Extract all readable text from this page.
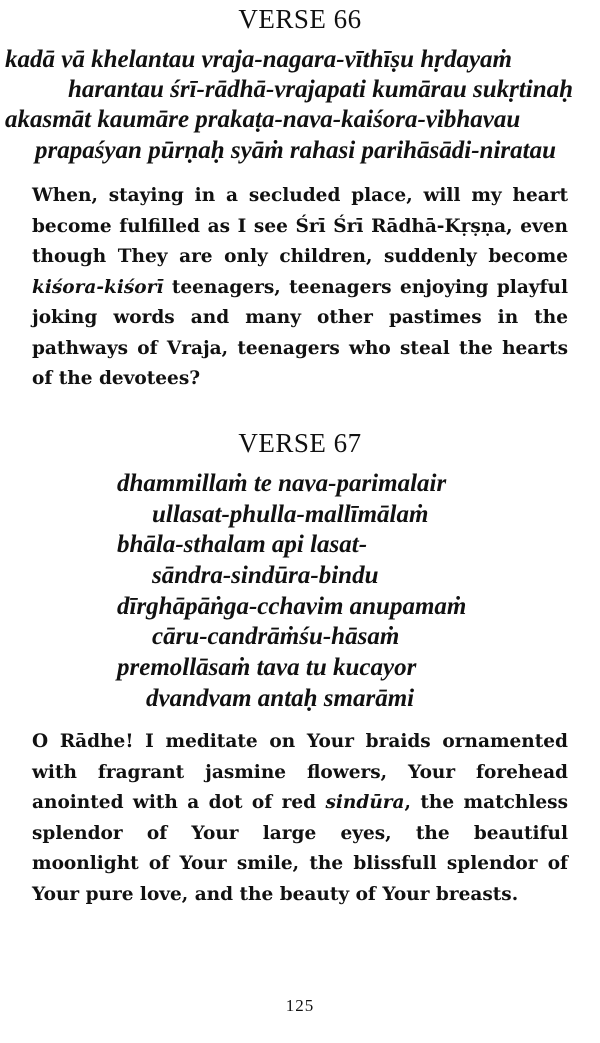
VERSE 66
kadā vā khelantau vraja-nagara-vīthīṣu hṛdayaṁ
harantau śrī-rādhā-vrajapati kumārau sukṛtinaḥ
akasmāt kaumāre prakaṭa-nava-kaiśora-vibhavau
prapaśyan pūrṇaḥ syāṁ rahasi parihāsādi-niratau

When, staying in a secluded place, will my heart become fulfilled as I see Śrī Śrī Rādhā-Kṛṣṇa, even though They are only children, suddenly become kiśora-kiśorī teenagers, teenagers enjoying playful joking words and many other pastimes in the pathways of Vraja, teenagers who steal the hearts of the devotees?

VERSE 67
dhammillaṁ te nava-parimalair
ullasat-phulla-mallīmālaṁ
bhāla-sthalam api lasat-
sāndra-sindūra-bindu
dīrghāpāṅga-cchavim anupamaṁ
cāru-candrāṁśu-hāsaṁ
premollāsaṁ tava tu kucayor
dvandvam antaḥ smarāmi

O Rādhe! I meditate on Your braids ornamented with fragrant jasmine flowers, Your forehead anointed with a dot of red sindūra, the matchless splendor of Your large eyes, the beautiful moonlight of Your smile, the blissfull splendor of Your pure love, and the beauty of Your breasts.

125
